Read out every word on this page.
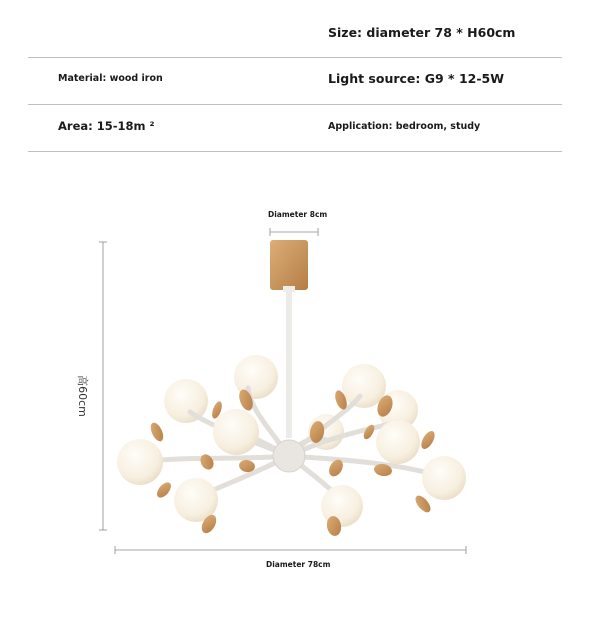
Size: diameter 78 * H60cm
Material: wood iron	Light source: G9 * 12-5W
Area: 15-18m ²	Application: bedroom, study
Diameter 8cm
高60cm
Diameter 78cm
